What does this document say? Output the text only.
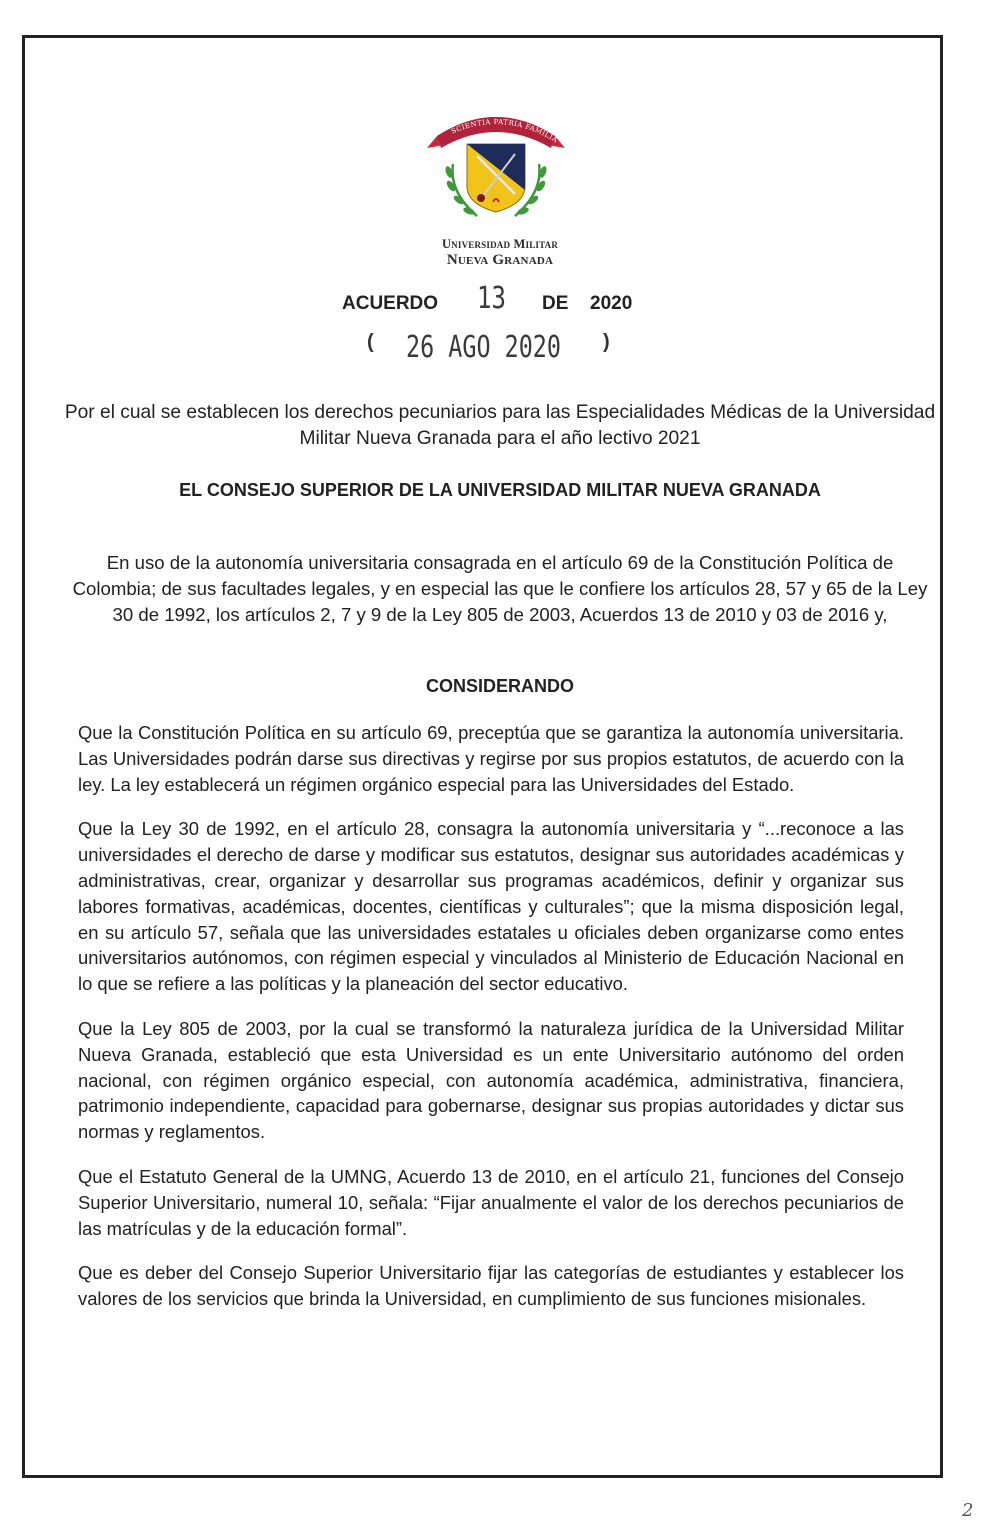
SCIENTIA PATRIA FAMILIA
Universidad Militar
Nueva Granada
ACUERDO 13 DE 2020
( 26 AGO 2020 )
Por el cual se establecen los derechos pecuniarios para las Especialidades Médicas de la Universidad Militar Nueva Granada para el año lectivo 2021
EL CONSEJO SUPERIOR DE LA UNIVERSIDAD MILITAR NUEVA GRANADA
En uso de la autonomía universitaria consagrada en el artículo 69 de la Constitución Política de Colombia; de sus facultades legales, y en especial las que le confiere los artículos 28, 57 y 65 de la Ley 30 de 1992, los artículos 2, 7 y 9 de la Ley 805 de 2003, Acuerdos 13 de 2010 y 03 de 2016 y,
CONSIDERANDO

Que la Constitución Política en su artículo 69, preceptúa que se garantiza la autonomía universitaria. Las Universidades podrán darse sus directivas y regirse por sus propios estatutos, de acuerdo con la ley. La ley establecerá un régimen orgánico especial para las Universidades del Estado.

Que la Ley 30 de 1992, en el artículo 28, consagra la autonomía universitaria y “...reconoce a las universidades el derecho de darse y modificar sus estatutos, designar sus autoridades académicas y administrativas, crear, organizar y desarrollar sus programas académicos, definir y organizar sus labores formativas, académicas, docentes, científicas y culturales”; que la misma disposición legal, en su artículo 57, señala que las universidades estatales u oficiales deben organizarse como entes universitarios autónomos, con régimen especial y vinculados al Ministerio de Educación Nacional en lo que se refiere a las políticas y la planeación del sector educativo.

Que la Ley 805 de 2003, por la cual se transformó la naturaleza jurídica de la Universidad Militar Nueva Granada, estableció que esta Universidad es un ente Universitario autónomo del orden nacional, con régimen orgánico especial, con autonomía académica, administrativa, financiera, patrimonio independiente, capacidad para gobernarse, designar sus propias autoridades y dictar sus normas y reglamentos.

Que el Estatuto General de la UMNG, Acuerdo 13 de 2010, en el artículo 21, funciones del Consejo Superior Universitario, numeral 10, señala: “Fijar anualmente el valor de los derechos pecuniarios de las matrículas y de la educación formal”.

Que es deber del Consejo Superior Universitario fijar las categorías de estudiantes y establecer los valores de los servicios que brinda la Universidad, en cumplimiento de sus funciones misionales.

2
